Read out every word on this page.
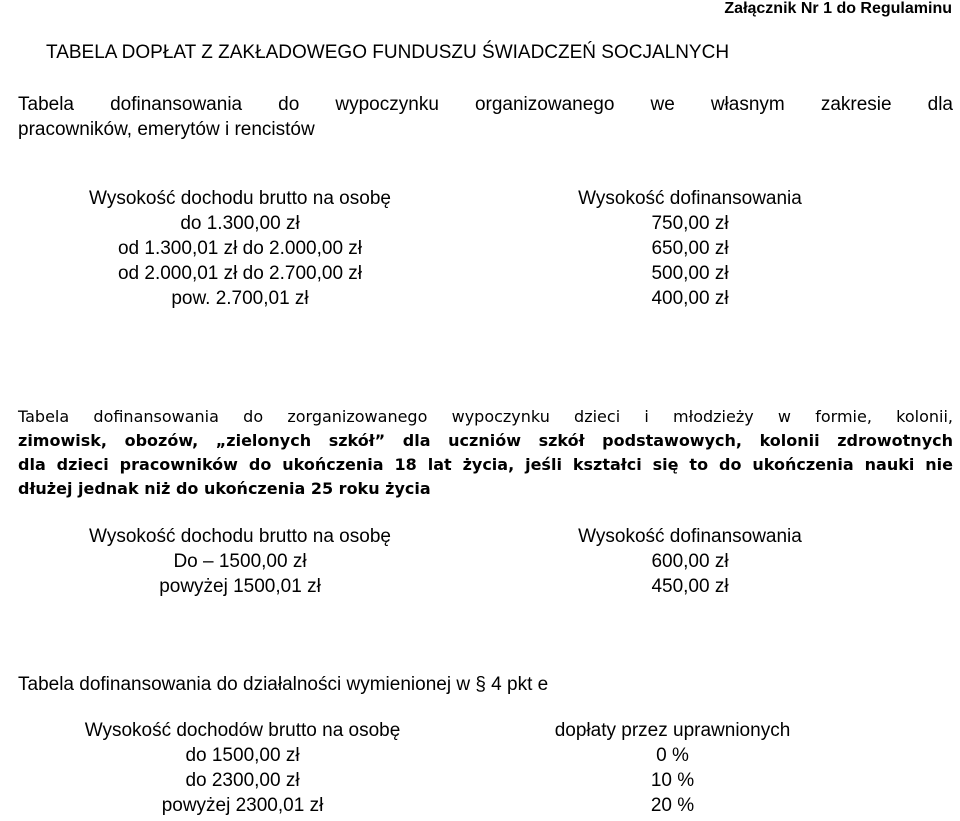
Załącznik Nr 1 do Regulaminu
TABELA DOPŁAT Z ZAKŁADOWEGO FUNDUSZU ŚWIADCZEŃ SOCJALNYCH
Tabela dofinansowania do wypoczynku organizowanego we własnym zakresie dla
pracowników, emerytów i rencistów
Wysokość dochodu brutto na osobę	Wysokość dofinansowania
do 1.300,00 zł	750,00 zł
od 1.300,01 zł do 2.000,00 zł	650,00 zł
od 2.000,01 zł do 2.700,00 zł	500,00 zł
pow. 2.700,01 zł	400,00 zł
Tabela dofinansowania do zorganizowanego wypoczynku dzieci i młodzieży w formie, kolonii,
zimowisk, obozów, „zielonych szkół” dla uczniów szkół podstawowych, kolonii zdrowotnych
dla dzieci pracowników do ukończenia 18 lat życia, jeśli kształci się to do ukończenia nauki nie
dłużej jednak niż do ukończenia 25 roku życia
Wysokość dochodu brutto na osobę	Wysokość dofinansowania
Do – 1500,00 zł	600,00 zł
powyżej 1500,01 zł	450,00 zł
Tabela dofinansowania do działalności wymienionej w § 4 pkt e
Wysokość dochodów brutto na osobę	dopłaty przez uprawnionych
do 1500,00 zł	0 %
do 2300,00 zł	10 %
powyżej 2300,01 zł	20 %
